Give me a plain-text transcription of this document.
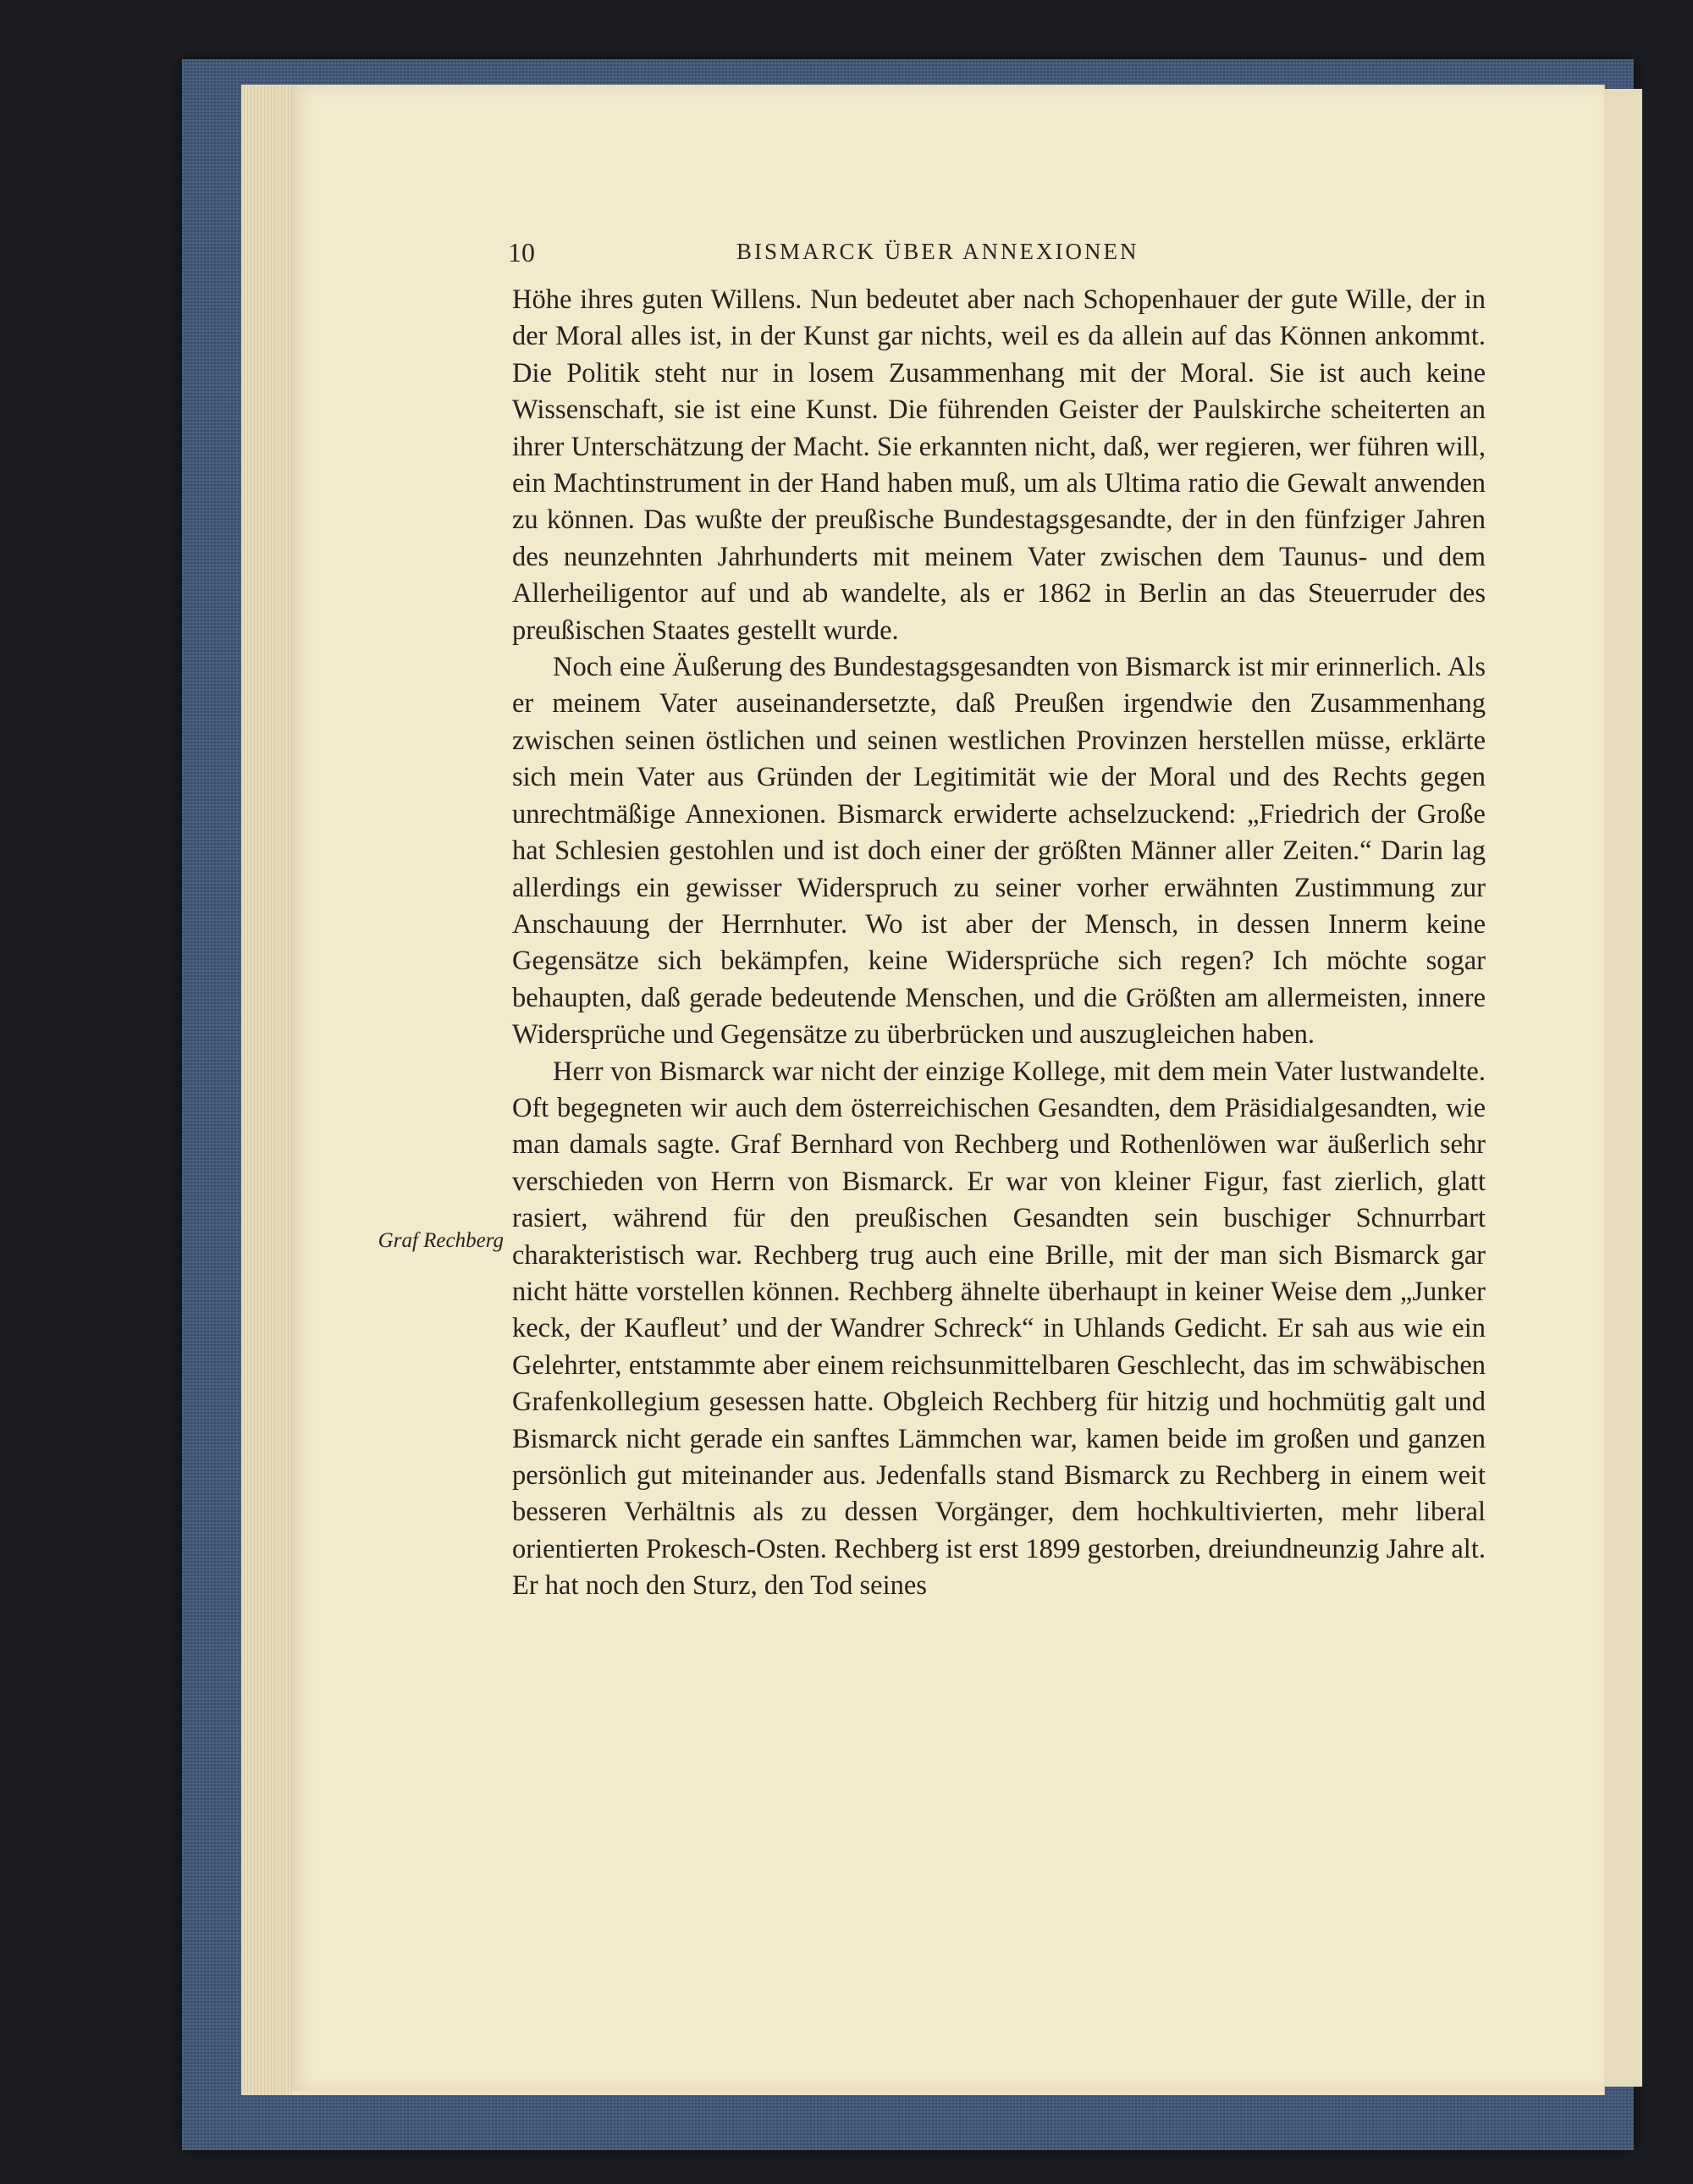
10	BISMARCK ÜBER ANNEXIONEN
Graf Rechberg

Höhe ihres guten Willens. Nun bedeutet aber nach Schopenhauer der gute Wille, der in der Moral alles ist, in der Kunst gar nichts, weil es da allein auf das Können ankommt. Die Politik steht nur in losem Zusammenhang mit der Moral. Sie ist auch keine Wissenschaft, sie ist eine Kunst. Die führenden Geister der Paulskirche scheiterten an ihrer Unterschätzung der Macht. Sie erkannten nicht, daß, wer regieren, wer führen will, ein Machtinstrument in der Hand haben muß, um als Ultima ratio die Gewalt anwenden zu können. Das wußte der preußische Bundestagsgesandte, der in den fünfziger Jahren des neunzehnten Jahrhunderts mit meinem Vater zwischen dem Taunus- und dem Allerheiligentor auf und ab wandelte, als er 1862 in Berlin an das Steuerruder des preußischen Staates gestellt wurde.

Noch eine Äußerung des Bundestagsgesandten von Bismarck ist mir erinnerlich. Als er meinem Vater auseinandersetzte, daß Preußen irgendwie den Zusammenhang zwischen seinen östlichen und seinen westlichen Provinzen herstellen müsse, erklärte sich mein Vater aus Gründen der Legitimität wie der Moral und des Rechts gegen unrechtmäßige Annexionen. Bismarck erwiderte achselzuckend: „Friedrich der Große hat Schlesien gestohlen und ist doch einer der größten Männer aller Zeiten.“ Darin lag allerdings ein gewisser Widerspruch zu seiner vorher erwähnten Zustimmung zur Anschauung der Herrnhuter. Wo ist aber der Mensch, in dessen Innerm keine Gegensätze sich bekämpfen, keine Widersprüche sich regen? Ich möchte sogar behaupten, daß gerade bedeutende Menschen, und die Größten am allermeisten, innere Widersprüche und Gegensätze zu überbrücken und auszugleichen haben.

Herr von Bismarck war nicht der einzige Kollege, mit dem mein Vater lustwandelte. Oft begegneten wir auch dem österreichischen Gesandten, dem Präsidialgesandten, wie man damals sagte. Graf Bernhard von Rechberg und Rothenlöwen war äußerlich sehr verschieden von Herrn von Bismarck. Er war von kleiner Figur, fast zierlich, glatt rasiert, während für den preußischen Gesandten sein buschiger Schnurrbart charakteristisch war. Rechberg trug auch eine Brille, mit der man sich Bismarck gar nicht hätte vorstellen können. Rechberg ähnelte überhaupt in keiner Weise dem „Junker keck, der Kaufleut’ und der Wandrer Schreck“ in Uhlands Gedicht. Er sah aus wie ein Gelehrter, entstammte aber einem reichsunmittelbaren Geschlecht, das im schwäbischen Grafenkollegium gesessen hatte. Obgleich Rechberg für hitzig und hochmütig galt und Bismarck nicht gerade ein sanftes Lämmchen war, kamen beide im großen und ganzen persönlich gut miteinander aus. Jedenfalls stand Bismarck zu Rechberg in einem weit besseren Verhältnis als zu dessen Vorgänger, dem hochkultivierten, mehr liberal orientierten Prokesch-Osten. Rechberg ist erst 1899 gestorben, dreiundneunzig Jahre alt. Er hat noch den Sturz, den Tod seines
